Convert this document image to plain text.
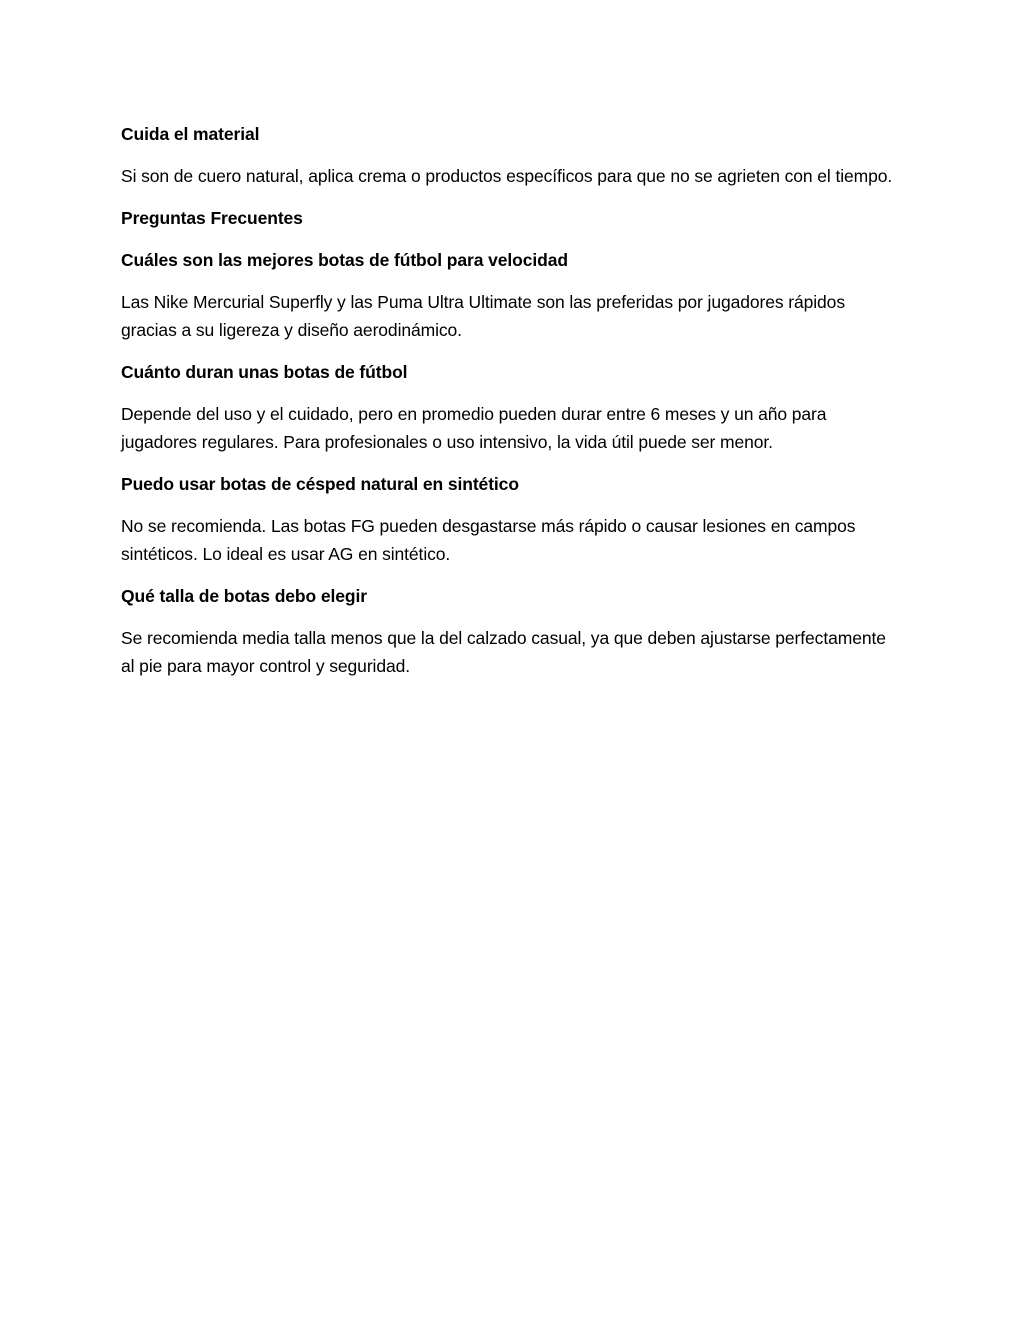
Cuida el material

Si son de cuero natural, aplica crema o productos específicos para que no se agrieten con el tiempo.

Preguntas Frecuentes

Cuáles son las mejores botas de fútbol para velocidad

Las Nike Mercurial Superfly y las Puma Ultra Ultimate son las preferidas por jugadores rápidos gracias a su ligereza y diseño aerodinámico.

Cuánto duran unas botas de fútbol

Depende del uso y el cuidado, pero en promedio pueden durar entre 6 meses y un año para jugadores regulares. Para profesionales o uso intensivo, la vida útil puede ser menor.

Puedo usar botas de césped natural en sintético

No se recomienda. Las botas FG pueden desgastarse más rápido o causar lesiones en campos sintéticos. Lo ideal es usar AG en sintético.

Qué talla de botas debo elegir

Se recomienda media talla menos que la del calzado casual, ya que deben ajustarse perfectamente al pie para mayor control y seguridad.
